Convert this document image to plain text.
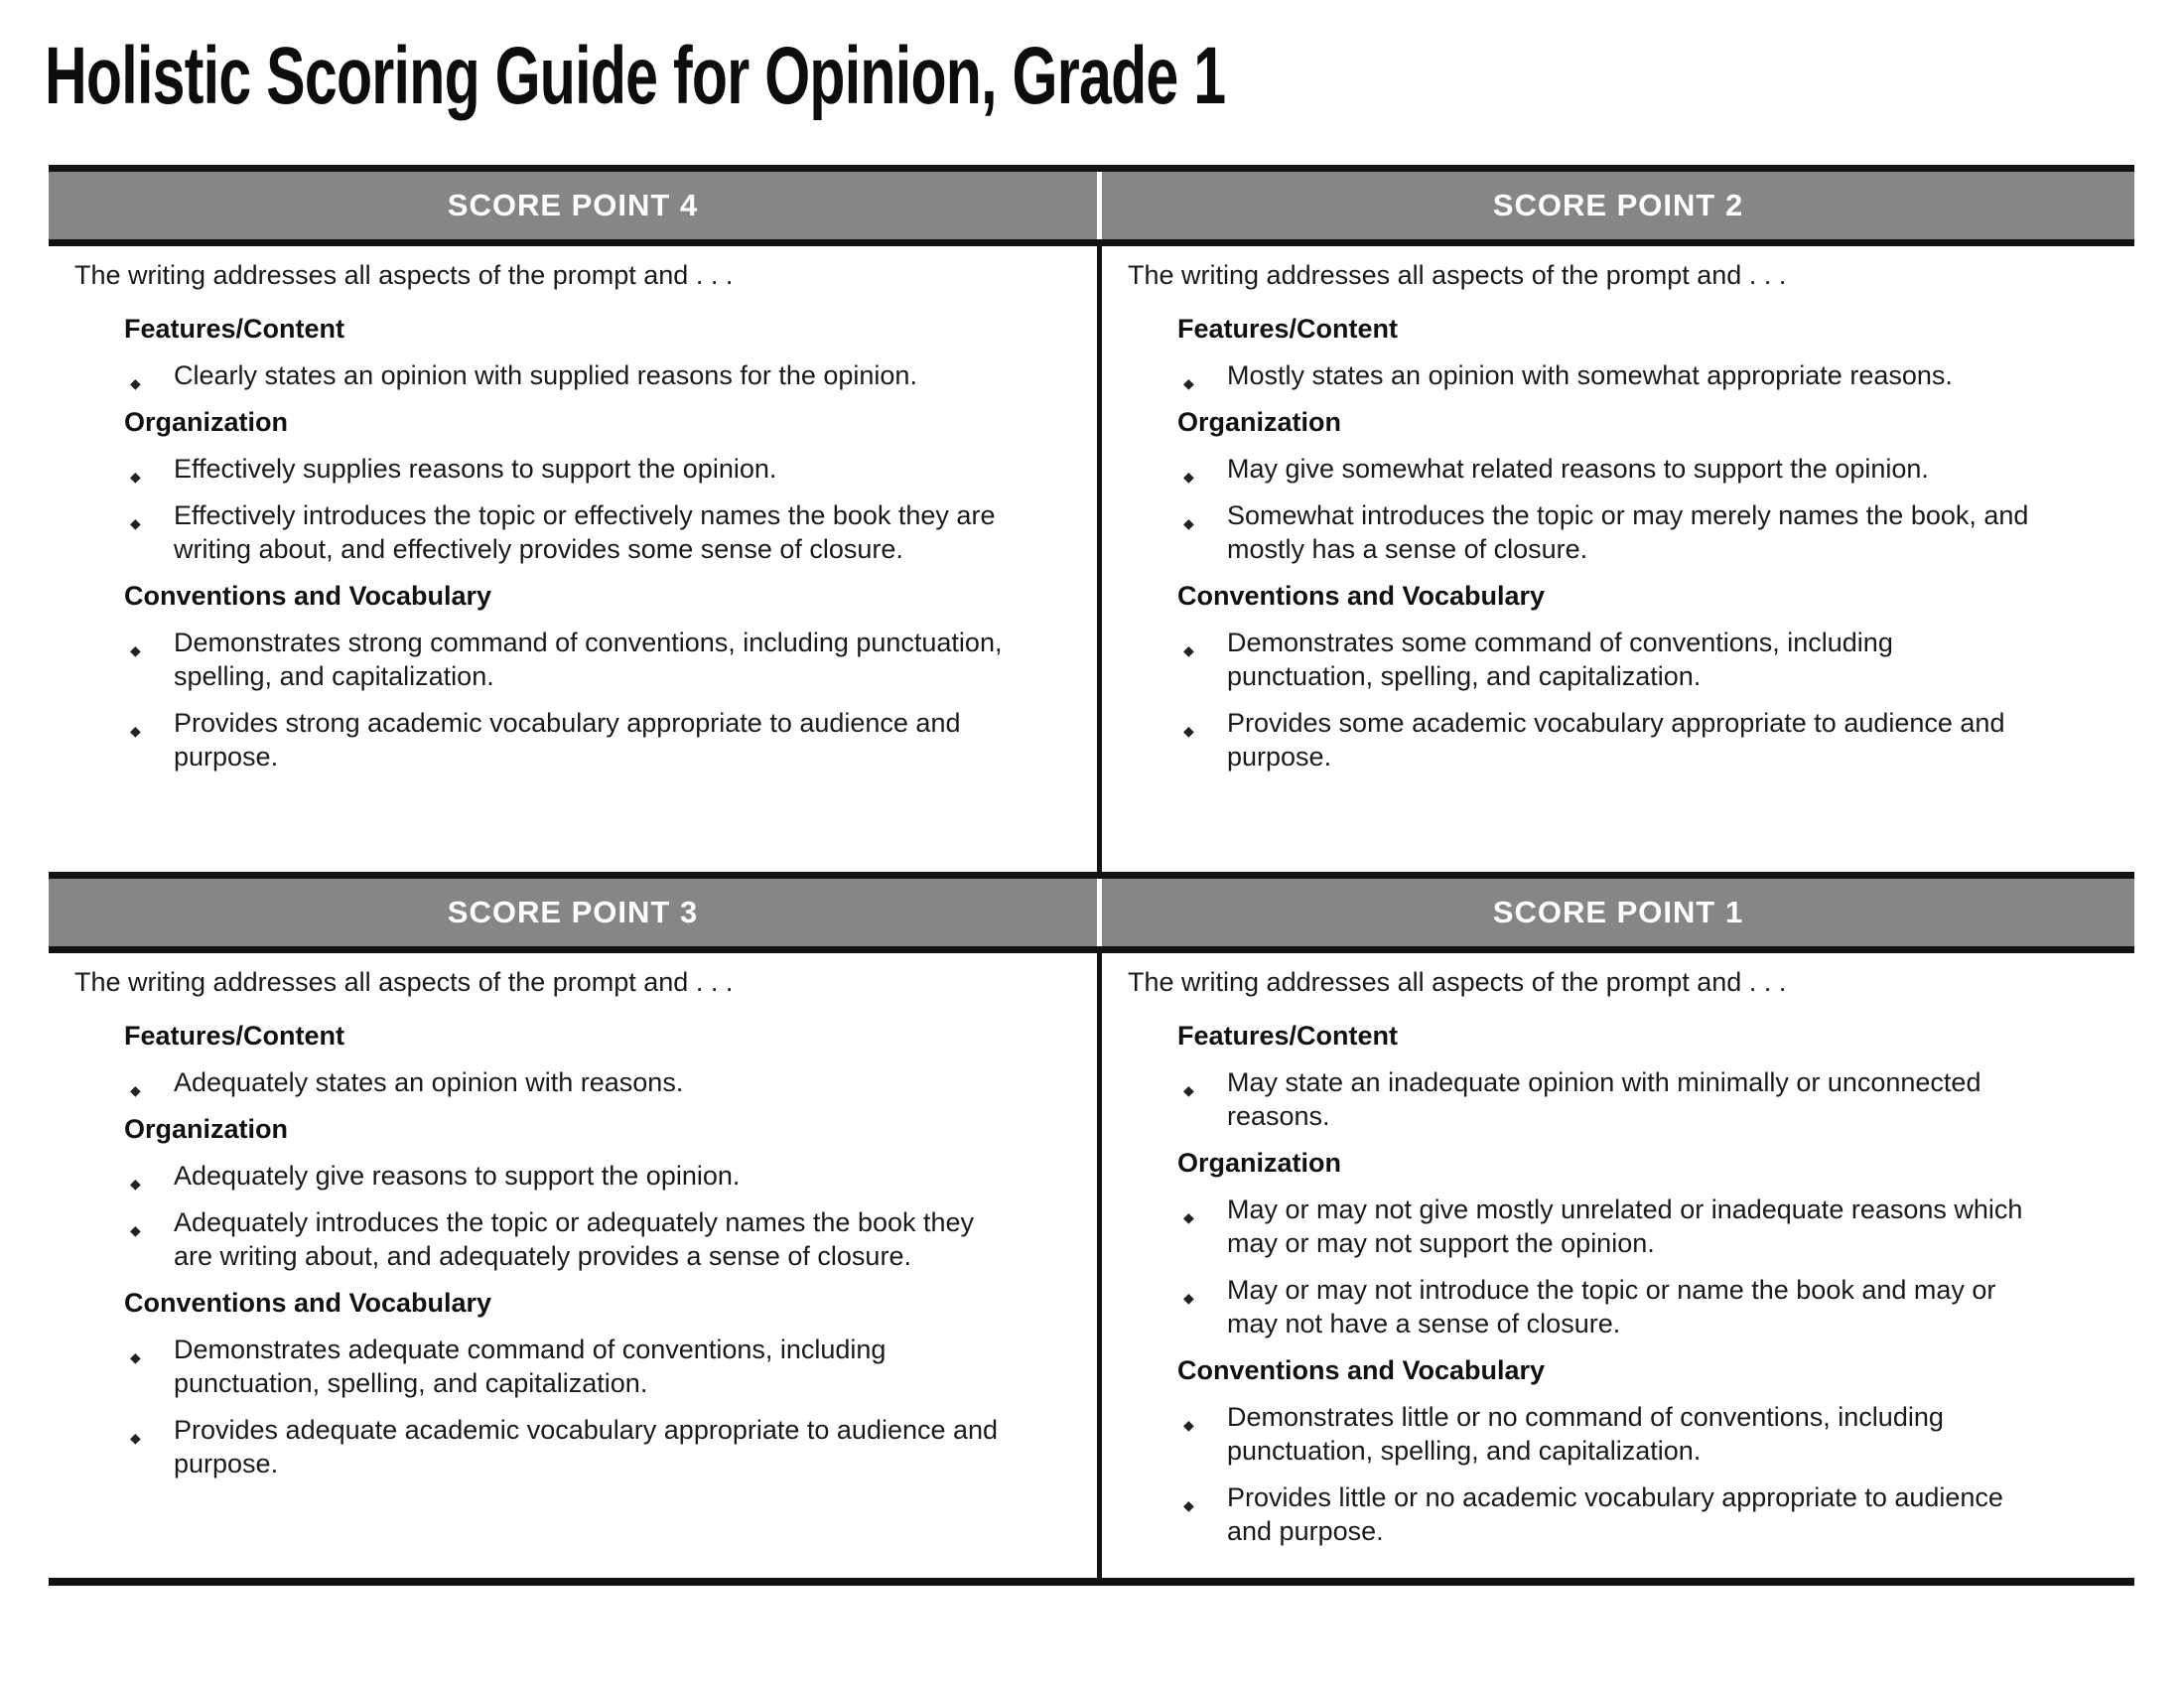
Holistic Scoring Guide for Opinion, Grade 1
SCORE POINT 4	SCORE POINT 2

The writing addresses all aspects of the prompt and . . .

Features/Content
◆ Clearly states an opinion with supplied reasons for the opinion.
Organization
◆ Effectively supplies reasons to support the opinion.
◆ Effectively introduces the topic or effectively names the book they are writing about, and effectively provides some sense of closure.
Conventions and Vocabulary
◆ Demonstrates strong command of conventions, including punctuation, spelling, and capitalization.
◆ Provides strong academic vocabulary appropriate to audience and purpose.

The writing addresses all aspects of the prompt and . . .

Features/Content
◆ Mostly states an opinion with somewhat appropriate reasons.
Organization
◆ May give somewhat related reasons to support the opinion.
◆ Somewhat introduces the topic or may merely names the book, and mostly has a sense of closure.
Conventions and Vocabulary
◆ Demonstrates some command of conventions, including punctuation, spelling, and capitalization.
◆ Provides some academic vocabulary appropriate to audience and purpose.
SCORE POINT 3	SCORE POINT 1

The writing addresses all aspects of the prompt and . . .

Features/Content
◆ Adequately states an opinion with reasons.
Organization
◆ Adequately give reasons to support the opinion.
◆ Adequately introduces the topic or adequately names the book they are writing about, and adequately provides a sense of closure.
Conventions and Vocabulary
◆ Demonstrates adequate command of conventions, including punctuation, spelling, and capitalization.
◆ Provides adequate academic vocabulary appropriate to audience and purpose.

The writing addresses all aspects of the prompt and . . .

Features/Content
◆ May state an inadequate opinion with minimally or unconnected reasons.
Organization
◆ May or may not give mostly unrelated or inadequate reasons which may or may not support the opinion.
◆ May or may not introduce the topic or name the book and may or may not have a sense of closure.
Conventions and Vocabulary
◆ Demonstrates little or no command of conventions, including punctuation, spelling, and capitalization.
◆ Provides little or no academic vocabulary appropriate to audience and purpose.
